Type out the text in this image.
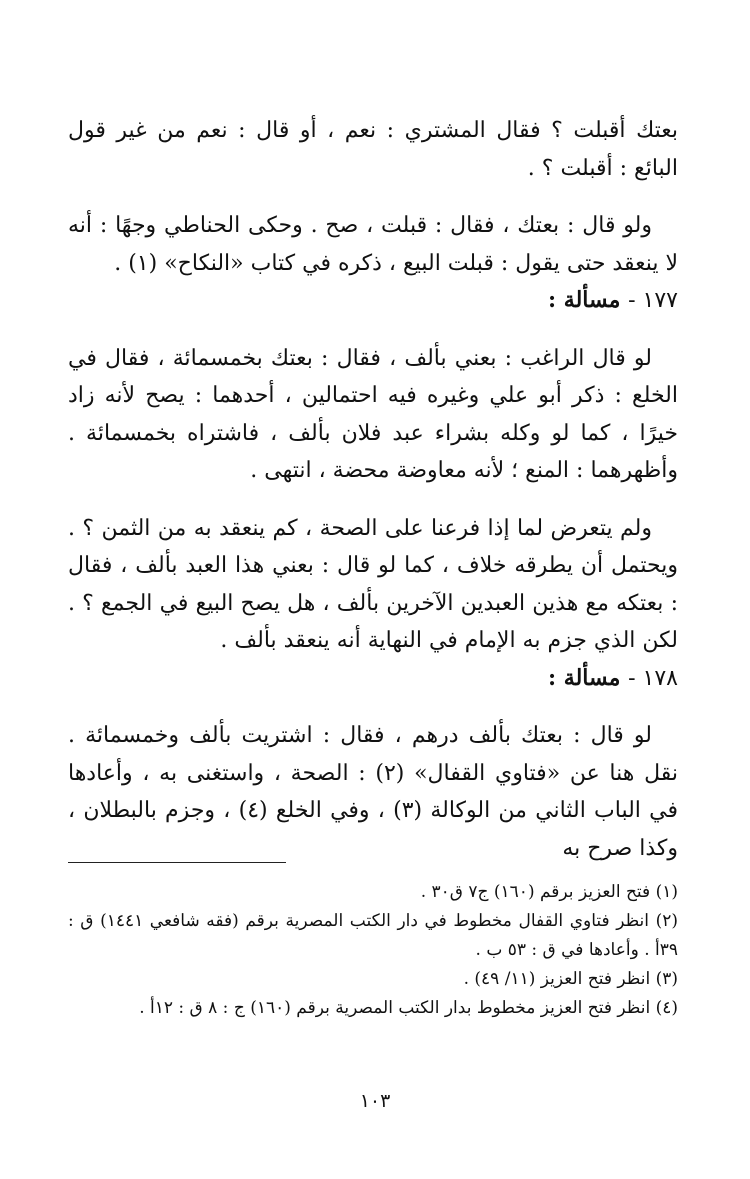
بعتك أقبلت ؟ فقال المشتري : نعم ، أو قال : نعم من غير قول البائع : أقبلت ؟ .

ولو قال : بعتك ، فقال : قبلت ، صح . وحكى الحناطي وجهًا : أنه لا ينعقد حتى يقول : قبلت البيع ، ذكره في كتاب «النكاح» (١) .

١٧٧ - مسألة :

لو قال الراغب : بعني بألف ، فقال : بعتك بخمسمائة ، فقال في الخلع : ذكر أبو علي وغيره فيه احتمالين ، أحدهما : يصح لأنه زاد خيرًا ، كما لو وكله بشراء عبد فلان بألف ، فاشتراه بخمسمائة . وأظهرهما : المنع ؛ لأنه معاوضة محضة ، انتهى .

ولم يتعرض لما إذا فرعنا على الصحة ، كم ينعقد به من الثمن ؟ . ويحتمل أن يطرقه خلاف ، كما لو قال : بعني هذا العبد بألف ، فقال : بعتكه مع هذين العبدين الآخرين بألف ، هل يصح البيع في الجمع ؟ . لكن الذي جزم به الإمام في النهاية أنه ينعقد بألف .

١٧٨ - مسألة :

لو قال : بعتك بألف درهم ، فقال : اشتريت بألف وخمسمائة . نقل هنا عن «فتاوي القفال» (٢) : الصحة ، واستغنى به ، وأعادها في الباب الثاني من الوكالة (٣) ، وفي الخلع (٤) ، وجزم بالبطلان ، وكذا صرح به

(١) فتح العزيز برقم (١٦٠) ج٧ ق٣٠ .

(٢) انظر فتاوي القفال مخطوط في دار الكتب المصرية برقم (فقه شافعي ١٤٤١) ق : ٣٩أ . وأعادها في ق : ٥٣ ب .

(٣) انظر فتح العزيز (١١/ ٤٩) .

(٤) انظر فتح العزيز مخطوط بدار الكتب المصرية برقم (١٦٠) ج : ٨ ق : ١٢أ .

١٠٣
